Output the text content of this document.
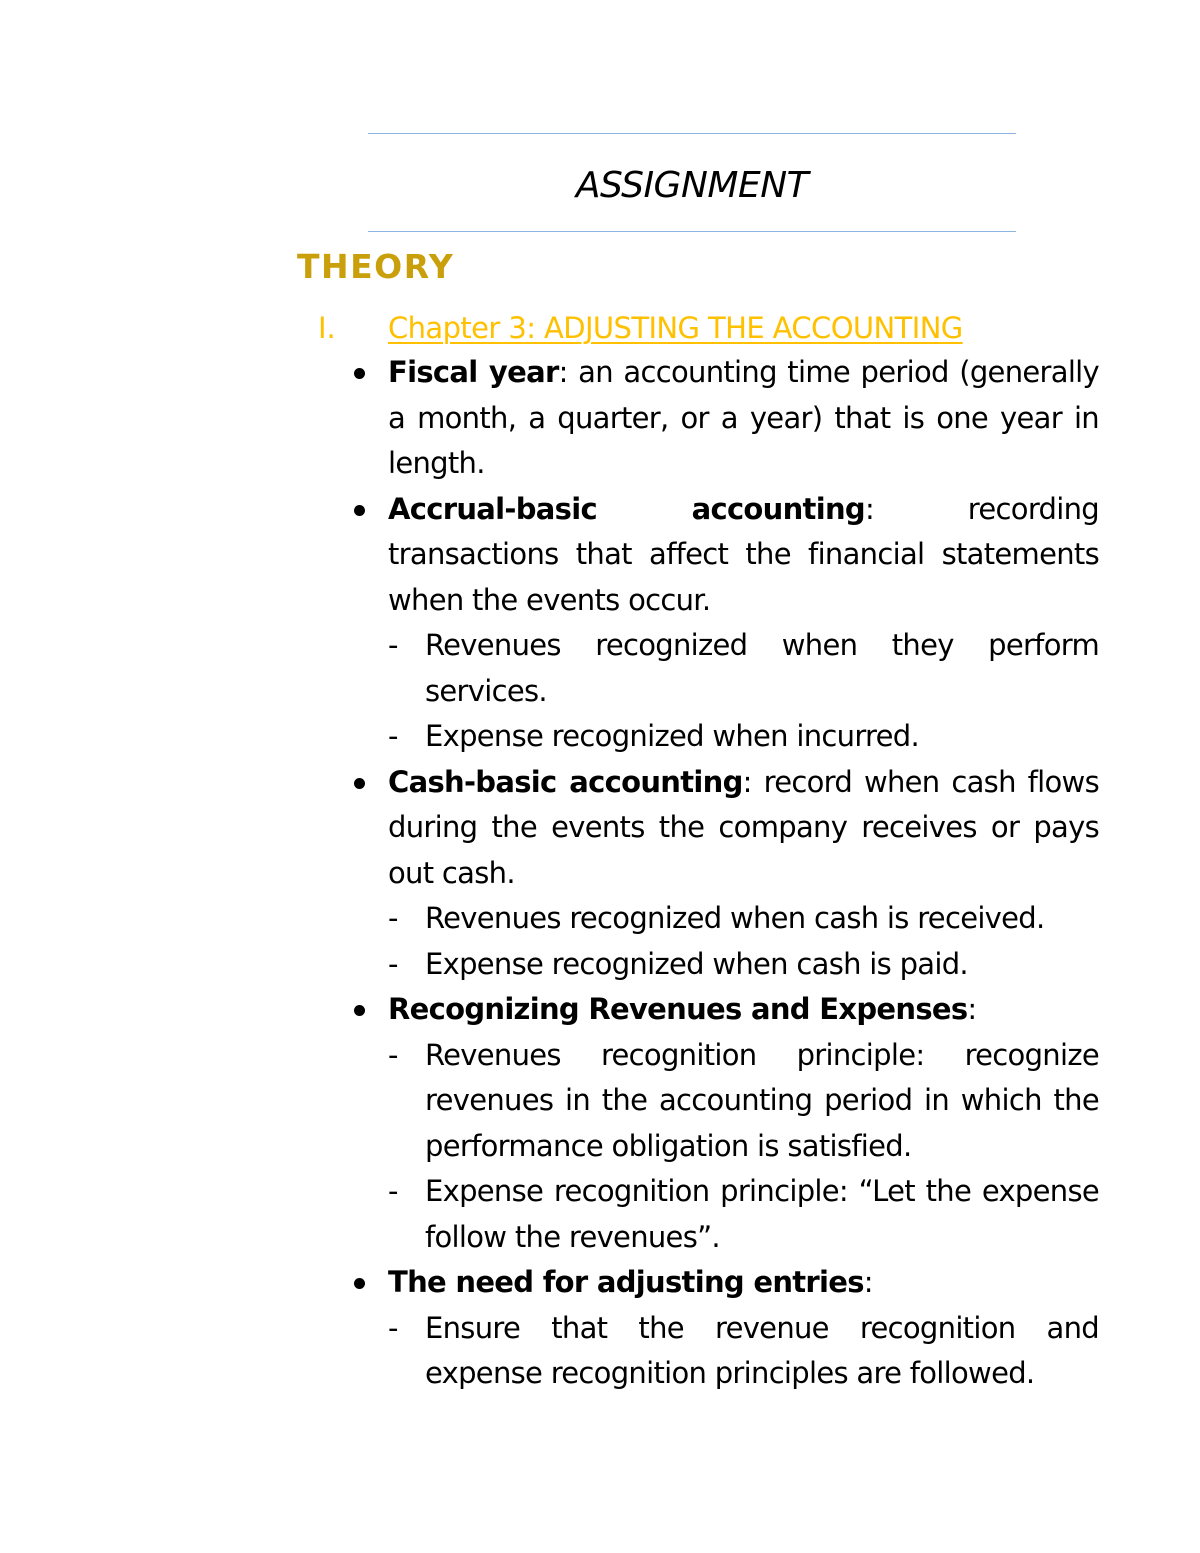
ASSIGNMENT
THEORY
I. Chapter 3: ADJUSTING THE ACCOUNTING
Fiscal year: an accounting time period (generally a month, a quarter, or a year) that is one year in length.
Accrual-basic accounting: recording transactions that affect the financial statements when the events occur.
- Revenues recognized when they perform services.
- Expense recognized when incurred.
Cash-basic accounting: record when cash flows during the events the company receives or pays out cash.
- Revenues recognized when cash is received.
- Expense recognized when cash is paid.
Recognizing Revenues and Expenses:
- Revenues recognition principle: recognize revenues in the accounting period in which the performance obligation is satisfied.
- Expense recognition principle: “Let the expense follow the revenues”.
The need for adjusting entries:
- Ensure that the revenue recognition and expense recognition principles are followed.
